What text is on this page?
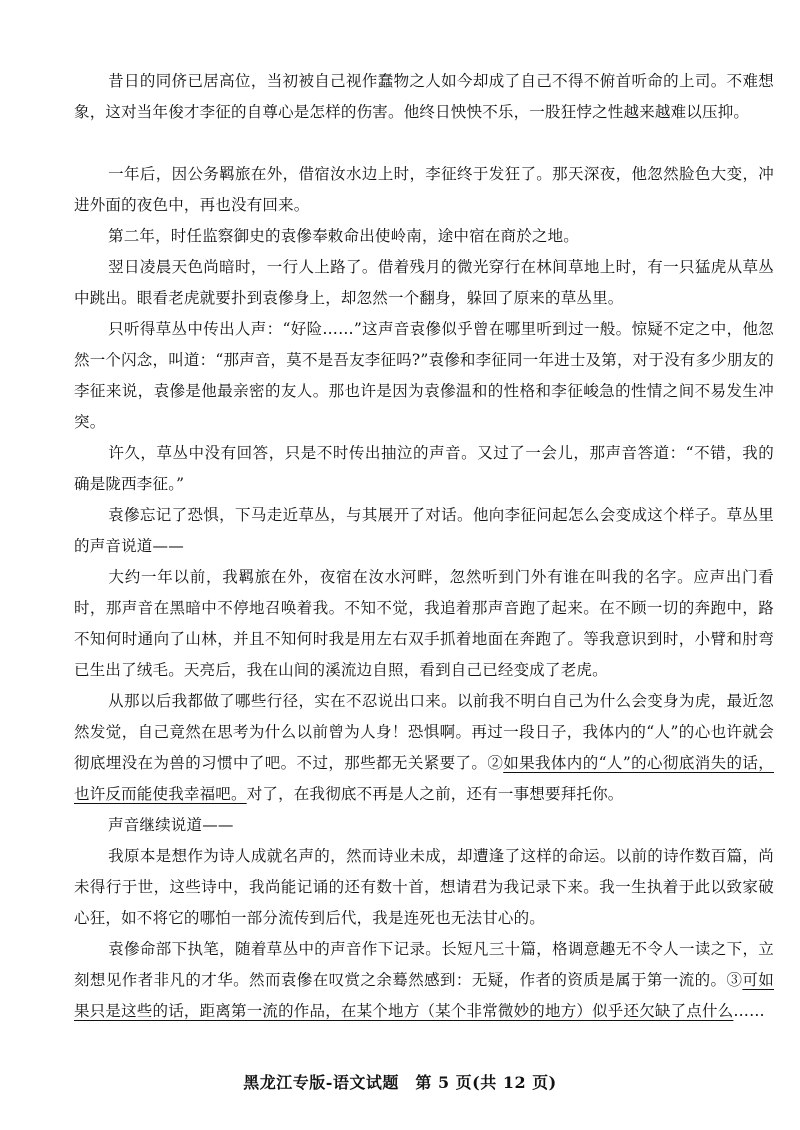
昔日的同侪已居高位，当初被自己视作蠢物之人如今却成了自己不得不俯首听命的上司。不难想象，这对当年俊才李征的自尊心是怎样的伤害。他终日怏怏不乐，一股狂悖之性越来越难以压抑。

一年后，因公务羁旅在外，借宿汝水边上时，李征终于发狂了。那天深夜，他忽然脸色大变，冲进外面的夜色中，再也没有回来。

第二年，时任监察御史的袁傪奉敕命出使岭南，途中宿在商於之地。

翌日凌晨天色尚暗时，一行人上路了。借着残月的微光穿行在林间草地上时，有一只猛虎从草丛中跳出。眼看老虎就要扑到袁傪身上，却忽然一个翻身，躲回了原来的草丛里。

只听得草丛中传出人声：“好险……”这声音袁傪似乎曾在哪里听到过一般。惊疑不定之中，他忽然一个闪念，叫道：“那声音，莫不是吾友李征吗?”袁傪和李征同一年进士及第，对于没有多少朋友的李征来说，袁傪是他最亲密的友人。那也许是因为袁傪温和的性格和李征峻急的性情之间不易发生冲突。

许久，草丛中没有回答，只是不时传出抽泣的声音。又过了一会儿，那声音答道：“不错，我的确是陇西李征。”

袁傪忘记了恐惧，下马走近草丛，与其展开了对话。他向李征问起怎么会变成这个样子。草丛里的声音说道——

大约一年以前，我羁旅在外，夜宿在汝水河畔，忽然听到门外有谁在叫我的名字。应声出门看时，那声音在黑暗中不停地召唤着我。不知不觉，我追着那声音跑了起来。在不顾一切的奔跑中，路不知何时通向了山林，并且不知何时我是用左右双手抓着地面在奔跑了。等我意识到时，小臂和肘弯已生出了绒毛。天亮后，我在山间的溪流边自照，看到自己已经变成了老虎。

从那以后我都做了哪些行径，实在不忍说出口来。以前我不明白自己为什么会变身为虎，最近忽然发觉，自己竟然在思考为什么以前曾为人身！恐惧啊。再过一段日子，我体内的“人”的心也许就会彻底埋没在为兽的习惯中了吧。不过，那些都无关紧要了。②如果我体内的“人”的心彻底消失的话，也许反而能使我幸福吧。对了，在我彻底不再是人之前，还有一事想要拜托你。

声音继续说道——

我原本是想作为诗人成就名声的，然而诗业未成，却遭逢了这样的命运。以前的诗作数百篇，尚未得行于世，这些诗中，我尚能记诵的还有数十首，想请君为我记录下来。我一生执着于此以致家破心狂，如不将它的哪怕一部分流传到后代，我是连死也无法甘心的。

袁傪命部下执笔，随着草丛中的声音作下记录。长短凡三十篇，格调意趣无不令人一读之下，立刻想见作者非凡的才华。然而袁傪在叹赏之余蓦然感到：无疑，作者的资质是属于第一流的。③可如果只是这些的话，距离第一流的作品，在某个地方（某个非常微妙的地方）似乎还欠缺了点什么……

黑龙江专版-语文试题　第 5 页(共 12 页)
